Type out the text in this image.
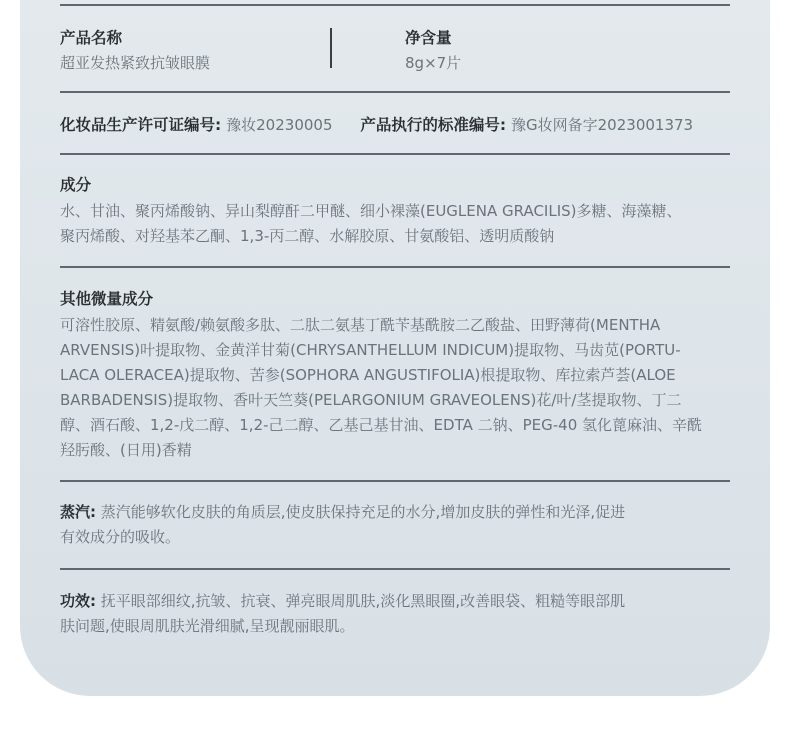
产品名称
超亚发热紧致抗皱眼膜
净含量
8g×7片
化妆品生产许可证编号: 豫妆20230005 产品执行的标准编号: 豫G妆网备字2023001373
成分
水、甘油、聚丙烯酸钠、异山梨醇酐二甲醚、细小裸藻(EUGLENA GRACILIS)多糖、海藻糖、
聚丙烯酸、对羟基苯乙酮、1,3-丙二醇、水解胶原、甘氨酸铝、透明质酸钠
其他微量成分
可溶性胶原、精氨酸/赖氨酸多肽、二肽二氨基丁酰苄基酰胺二乙酸盐、田野薄荷(MENTHA
ARVENSIS)叶提取物、金黄洋甘菊(CHRYSANTHELLUM INDICUM)提取物、马齿苋(PORTU-
LACA OLERACEA)提取物、苦参(SOPHORA ANGUSTIFOLIA)根提取物、库拉索芦荟(ALOE
BARBADENSIS)提取物、香叶天竺葵(PELARGONIUM GRAVEOLENS)花/叶/茎提取物、丁二
醇、酒石酸、1,2-戊二醇、1,2-己二醇、乙基己基甘油、EDTA 二钠、PEG-40 氢化蓖麻油、辛酰
羟肟酸、(日用)香精
蒸汽: 蒸汽能够软化皮肤的角质层,使皮肤保持充足的水分,增加皮肤的弹性和光泽,促进
有效成分的吸收。
功效: 抚平眼部细纹,抗皱、抗衰、弹亮眼周肌肤,淡化黑眼圈,改善眼袋、粗糙等眼部肌
肤问题,使眼周肌肤光滑细腻,呈现靓丽眼肌。
